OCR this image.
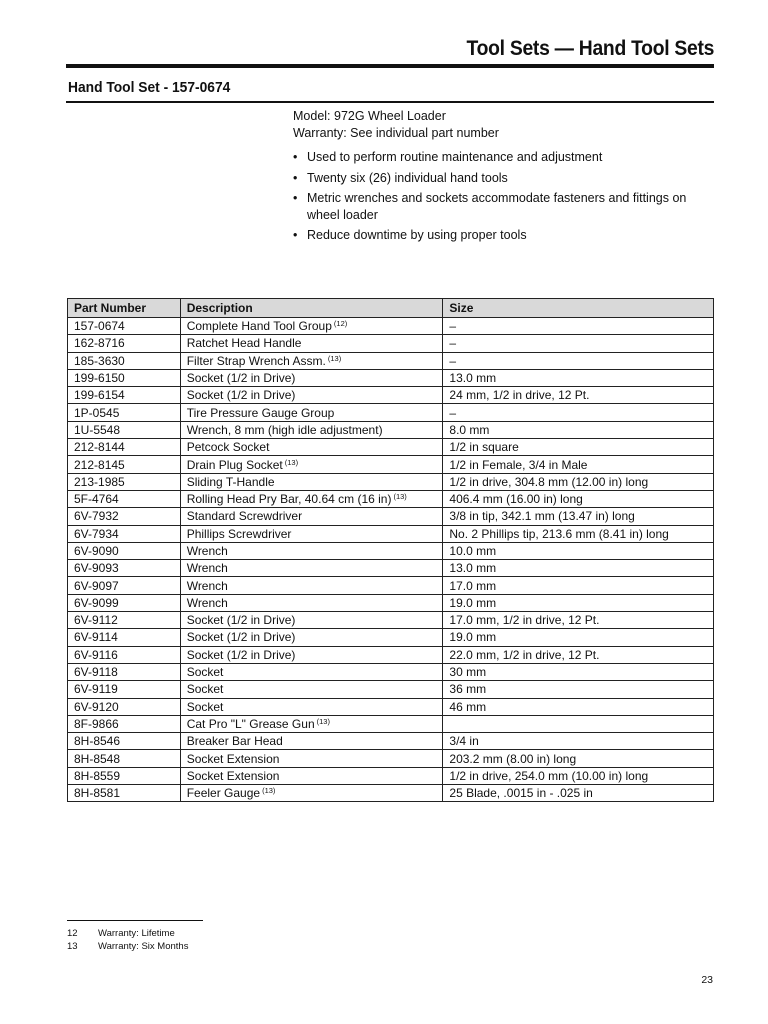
Tool Sets — Hand Tool Sets
Hand Tool Set - 157-0674
Model: 972G Wheel Loader
Warranty: See individual part number
• Used to perform routine maintenance and adjustment
• Twenty six (26) individual hand tools
• Metric wrenches and sockets accommodate fasteners and fittings on wheel loader
• Reduce downtime by using proper tools
Part Number	Description	Size
157-0674	Complete Hand Tool Group $^{(12)}$	–
162-8716	Ratchet Head Handle	–
185-3630	Filter Strap Wrench Assm. $^{(13)}$	–
199-6150	Socket (1/2 in Drive)	13.0 mm
199-6154	Socket (1/2 in Drive)	24 mm, 1/2 in drive, 12 Pt.
1P-0545	Tire Pressure Gauge Group	–
1U-5548	Wrench, 8 mm (high idle adjustment)	8.0 mm
212-8144	Petcock Socket	1/2 in square
212-8145	Drain Plug Socket $^{(13)}$	1/2 in Female, 3/4 in Male
213-1985	Sliding T-Handle	1/2 in drive, 304.8 mm (12.00 in) long
5F-4764	Rolling Head Pry Bar, 40.64 cm (16 in) $^{(13)}$	406.4 mm (16.00 in) long
6V-7932	Standard Screwdriver	3/8 in tip, 342.1 mm (13.47 in) long
6V-7934	Phillips Screwdriver	No. 2 Phillips tip, 213.6 mm (8.41 in) long
6V-9090	Wrench	10.0 mm
6V-9093	Wrench	13.0 mm
6V-9097	Wrench	17.0 mm
6V-9099	Wrench	19.0 mm
6V-9112	Socket (1/2 in Drive)	17.0 mm, 1/2 in drive, 12 Pt.
6V-9114	Socket (1/2 in Drive)	19.0 mm
6V-9116	Socket (1/2 in Drive)	22.0 mm, 1/2 in drive, 12 Pt.
6V-9118	Socket	30 mm
6V-9119	Socket	36 mm
6V-9120	Socket	46 mm
8F-9866	Cat Pro "L" Grease Gun $^{(13)}$	
8H-8546	Breaker Bar Head	3/4 in
8H-8548	Socket Extension	203.2 mm (8.00 in) long
8H-8559	Socket Extension	1/2 in drive, 254.0 mm (10.00 in) long
8H-8581	Feeler Gauge $^{(13)}$	25 Blade, .0015 in - .025 in
12 Warranty: Lifetime
13 Warranty: Six Months
23
